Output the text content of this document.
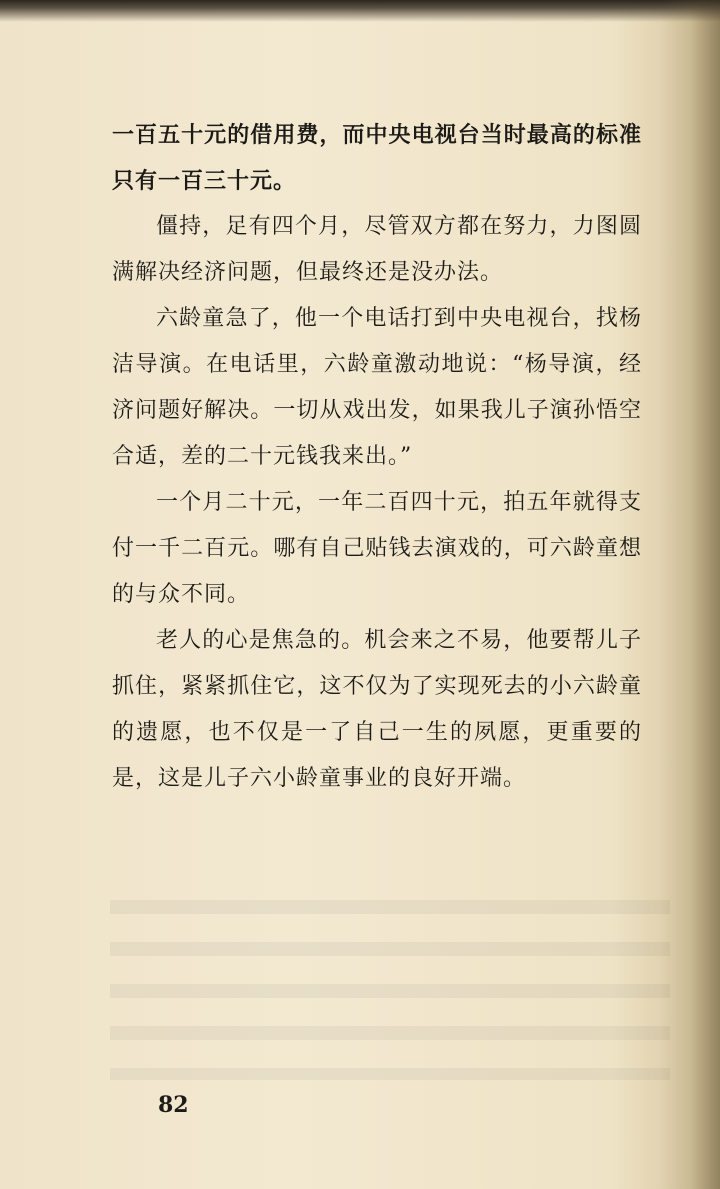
一百五十元的借用费，而中央电视台当时最高的标准只有一百三十元。

僵持，足有四个月，尽管双方都在努力，力图圆满解决经济问题，但最终还是没办法。

六龄童急了，他一个电话打到中央电视台，找杨洁导演。在电话里，六龄童激动地说：“杨导演，经济问题好解决。一切从戏出发，如果我儿子演孙悟空合适，差的二十元钱我来出。”

一个月二十元，一年二百四十元，拍五年就得支付一千二百元。哪有自己贴钱去演戏的，可六龄童想的与众不同。

老人的心是焦急的。机会来之不易，他要帮儿子抓住，紧紧抓住它，这不仅为了实现死去的小六龄童的遗愿，也不仅是一了自己一生的夙愿，更重要的是，这是儿子六小龄童事业的良好开端。

82
